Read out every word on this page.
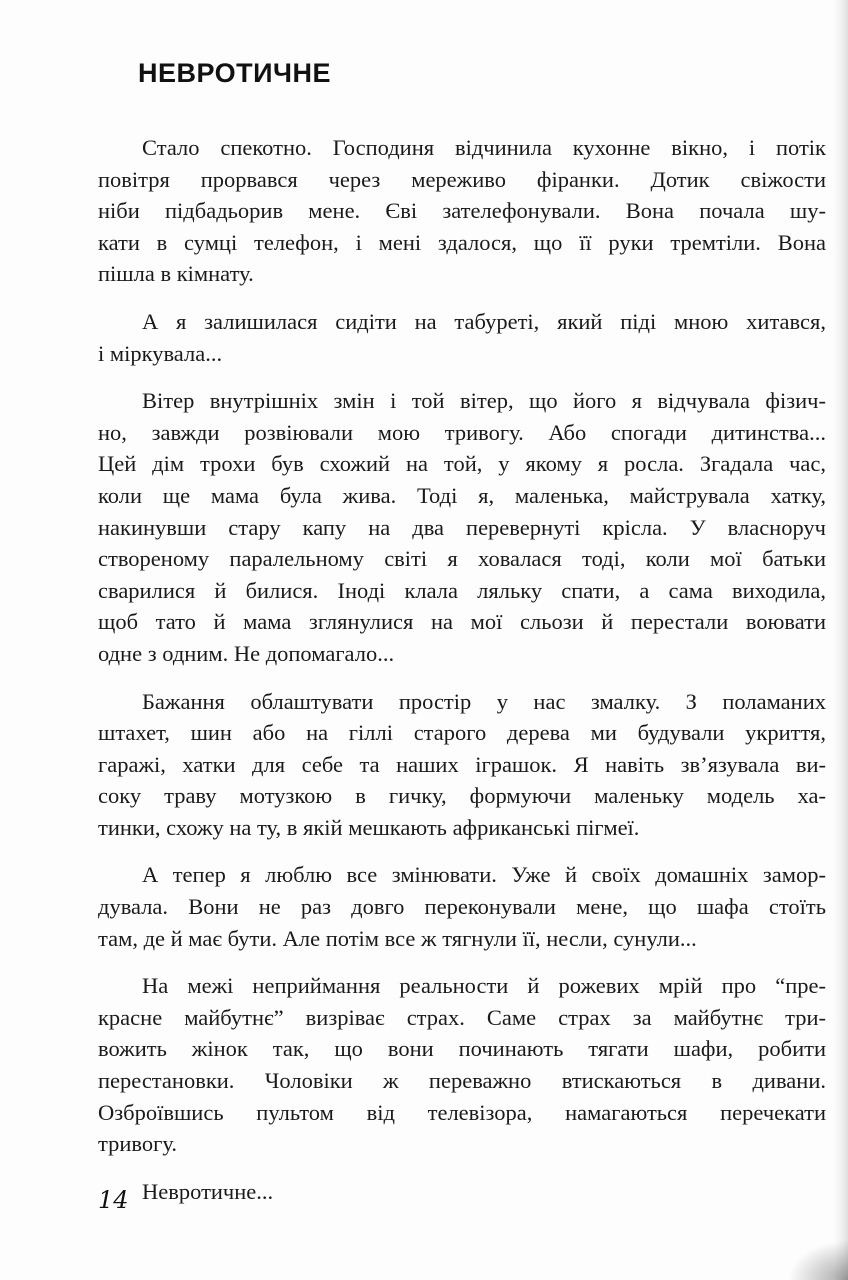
НЕВРОТИЧНЕ

Стало спекотно. Господиня відчинила кухонне вікно, і потік
повітря прорвався через мереживо фіранки. Дотик свіжости
ніби підбадьорив мене. Єві зателефонували. Вона почала шу-
кати в сумці телефон, і мені здалося, що її руки тремтіли. Вона
пішла в кімнату.

А я залишилася сидіти на табуреті, який піді мною хитався,
і міркувала...

Вітер внутрішніх змін і той вітер, що його я відчувала фізич-
но, завжди розвіювали мою тривогу. Або спогади дитинства...
Цей дім трохи був схожий на той, у якому я росла. Згадала час,
коли ще мама була жива. Тоді я, маленька, майструвала хатку,
накинувши стару капу на два перевернуті крісла. У власноруч
створеному паралельному світі я ховалася тоді, коли мої батьки
сварилися й билися. Іноді клала ляльку спати, а сама виходила,
щоб тато й мама зглянулися на мої сльози й перестали воювати
одне з одним. Не допомагало...

Бажання облаштувати простір у нас змалку. З поламаних
штахет, шин або на гіллі старого дерева ми будували укриття,
гаражі, хатки для себе та наших іграшок. Я навіть зв’язувала ви-
соку траву мотузкою в гичку, формуючи маленьку модель ха-
тинки, схожу на ту, в якій мешкають африканські пігмеї.

А тепер я люблю все змінювати. Уже й своїх домашніх замор-
дувала. Вони не раз довго переконували мене, що шафа стоїть
там, де й має бути. Але потім все ж тягнули її, несли, сунули...

На межі неприймання реальности й рожевих мрій про “пре-
красне майбутнє” визріває страх. Саме страх за майбутнє три-
вожить жінок так, що вони починають тягати шафи, робити
перестановки. Чоловіки ж переважно втискаються в дивани.
Озброївшись пультом від телевізора, намагаються перечекати
тривогу.

Невротичне...

14
